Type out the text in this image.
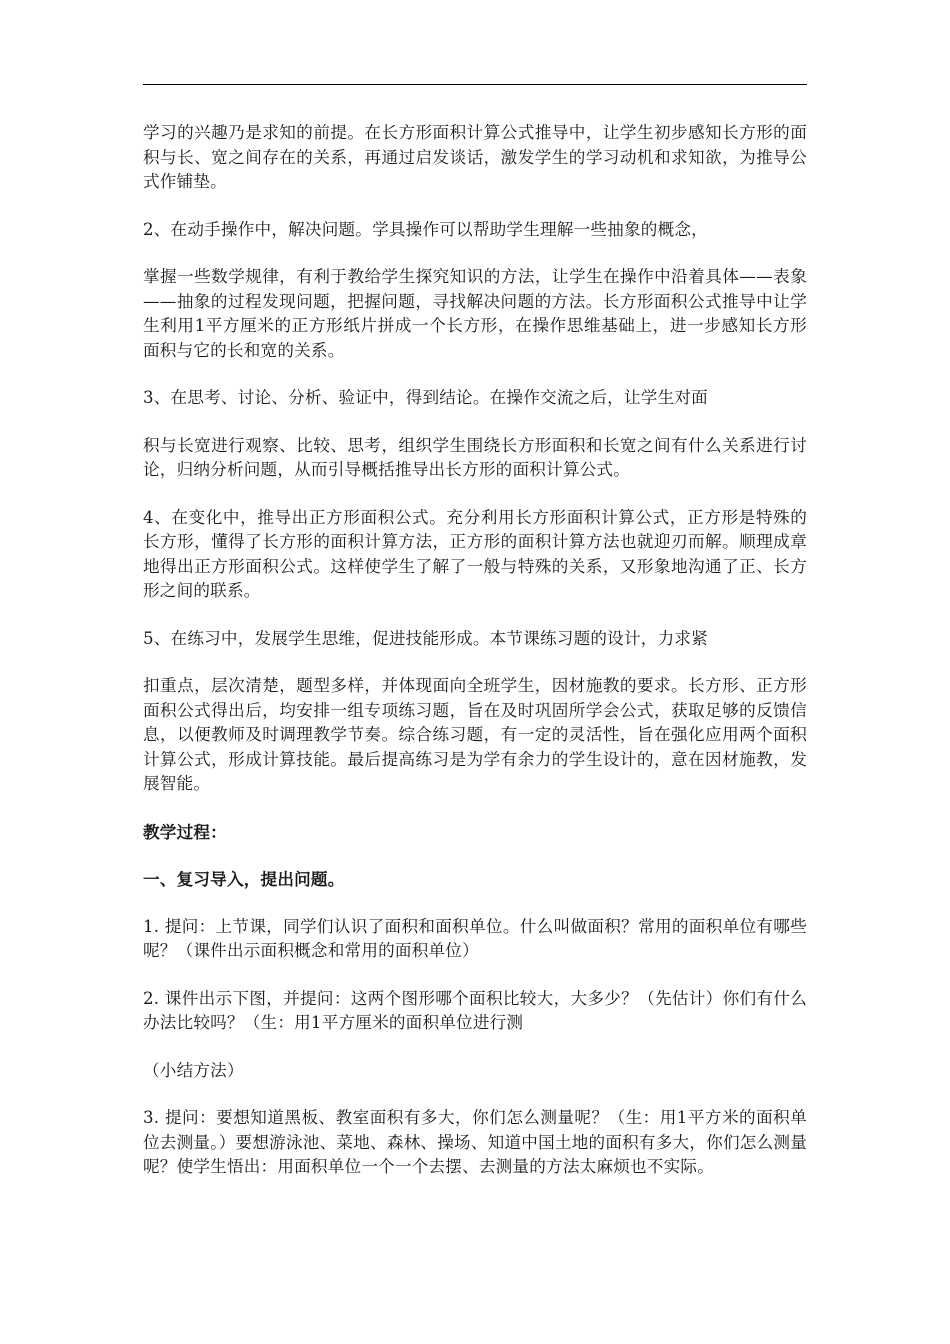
学习的兴趣乃是求知的前提。在长方形面积计算公式推导中，让学生初步感知长方形的面积与长、宽之间存在的关系，再通过启发谈话，激发学生的学习动机和求知欲，为推导公式作铺垫。

2、在动手操作中，解决问题。学具操作可以帮助学生理解一些抽象的概念，

掌握一些数学规律，有利于教给学生探究知识的方法，让学生在操作中沿着具体——表象——抽象的过程发现问题，把握问题，寻找解决问题的方法。长方形面积公式推导中让学生利用1平方厘米的正方形纸片拼成一个长方形，在操作思维基础上，进一步感知长方形面积与它的长和宽的关系。

3、在思考、讨论、分析、验证中，得到结论。在操作交流之后，让学生对面

积与长宽进行观察、比较、思考，组织学生围绕长方形面积和长宽之间有什么关系进行讨论，归纳分析问题，从而引导概括推导出长方形的面积计算公式。

4、在变化中，推导出正方形面积公式。充分利用长方形面积计算公式，正方形是特殊的长方形，懂得了长方形的面积计算方法，正方形的面积计算方法也就迎刃而解。顺理成章地得出正方形面积公式。这样使学生了解了一般与特殊的关系，又形象地沟通了正、长方形之间的联系。

5、在练习中，发展学生思维，促进技能形成。本节课练习题的设计，力求紧

扣重点，层次清楚，题型多样，并体现面向全班学生，因材施教的要求。长方形、正方形面积公式得出后，均安排一组专项练习题，旨在及时巩固所学会公式，获取足够的反馈信息，以便教师及时调理教学节奏。综合练习题，有一定的灵活性，旨在强化应用两个面积计算公式，形成计算技能。最后提高练习是为学有余力的学生设计的，意在因材施教，发展智能。

教学过程：

一、复习导入，提出问题。

1. 提问：上节课，同学们认识了面积和面积单位。什么叫做面积？常用的面积单位有哪些呢？（课件出示面积概念和常用的面积单位）

2. 课件出示下图，并提问：这两个图形哪个面积比较大，大多少？（先估计）你们有什么办法比较吗？（生：用1平方厘米的面积单位进行测

（小结方法）

3. 提问：要想知道黑板、教室面积有多大，你们怎么测量呢？（生：用1平方米的面积单位去测量。）要想游泳池、菜地、森林、操场、知道中国土地的面积有多大，你们怎么测量呢？使学生悟出：用面积单位一个一个去摆、去测量的方法太麻烦也不实际。
